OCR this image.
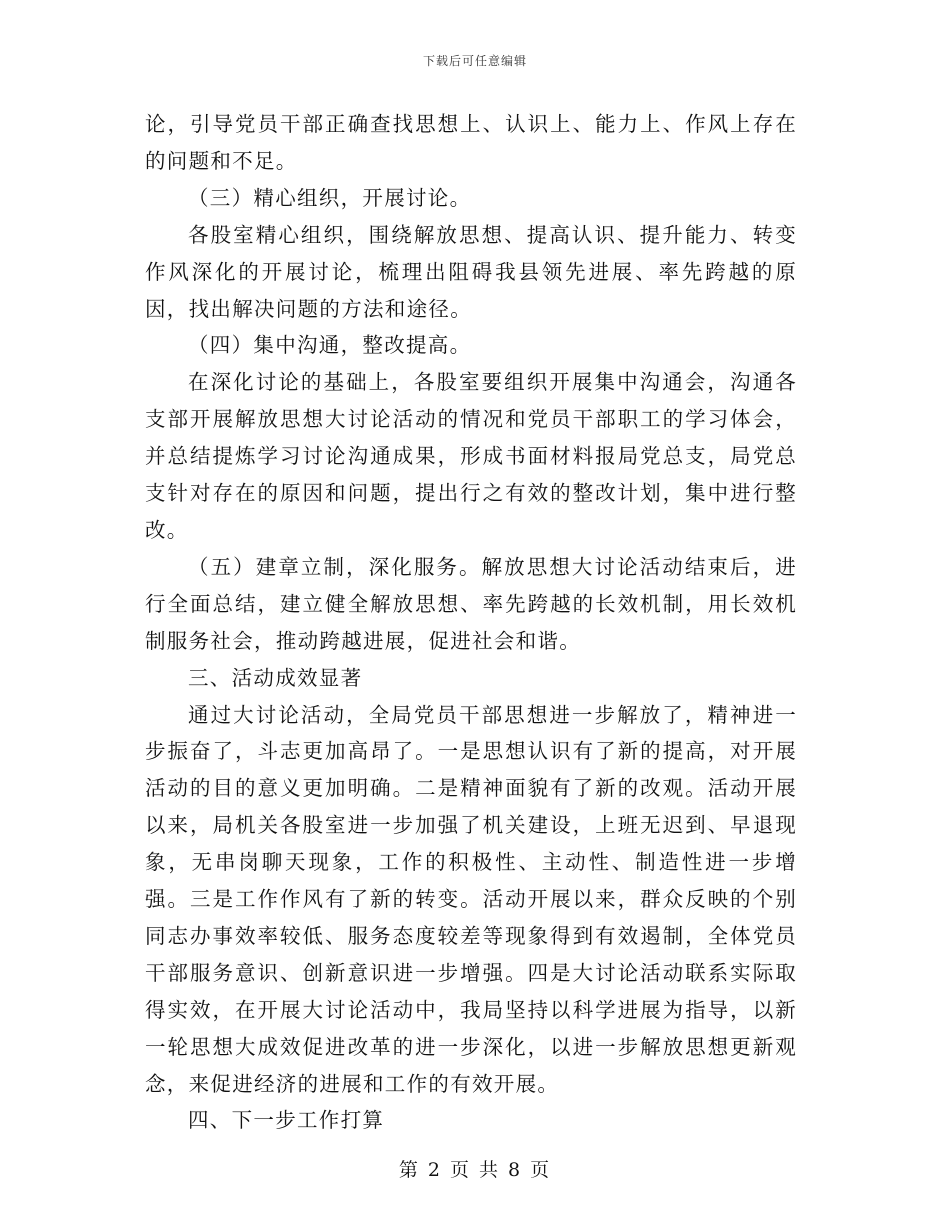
下载后可任意编辑

论，引导党员干部正确查找思想上、认识上、能力上、作风上存在的问题和不足。

（三）精心组织，开展讨论。

各股室精心组织，围绕解放思想、提高认识、提升能力、转变作风深化的开展讨论，梳理出阻碍我县领先进展、率先跨越的原因，找出解决问题的方法和途径。

（四）集中沟通，整改提高。

在深化讨论的基础上，各股室要组织开展集中沟通会，沟通各支部开展解放思想大讨论活动的情况和党员干部职工的学习体会，并总结提炼学习讨论沟通成果，形成书面材料报局党总支，局党总支针对存在的原因和问题，提出行之有效的整改计划，集中进行整改。

（五）建章立制，深化服务。解放思想大讨论活动结束后，进行全面总结，建立健全解放思想、率先跨越的长效机制，用长效机制服务社会，推动跨越进展，促进社会和谐。

三、活动成效显著

通过大讨论活动，全局党员干部思想进一步解放了，精神进一步振奋了，斗志更加高昂了。一是思想认识有了新的提高，对开展活动的目的意义更加明确。二是精神面貌有了新的改观。活动开展以来，局机关各股室进一步加强了机关建设，上班无迟到、早退现象，无串岗聊天现象，工作的积极性、主动性、制造性进一步增强。三是工作作风有了新的转变。活动开展以来，群众反映的个别同志办事效率较低、服务态度较差等现象得到有效遏制，全体党员干部服务意识、创新意识进一步增强。四是大讨论活动联系实际取得实效，在开展大讨论活动中，我局坚持以科学进展为指导，以新一轮思想大成效促进改革的进一步深化，以进一步解放思想更新观念，来促进经济的进展和工作的有效开展。

四、下一步工作打算

第 2 页 共 8 页
